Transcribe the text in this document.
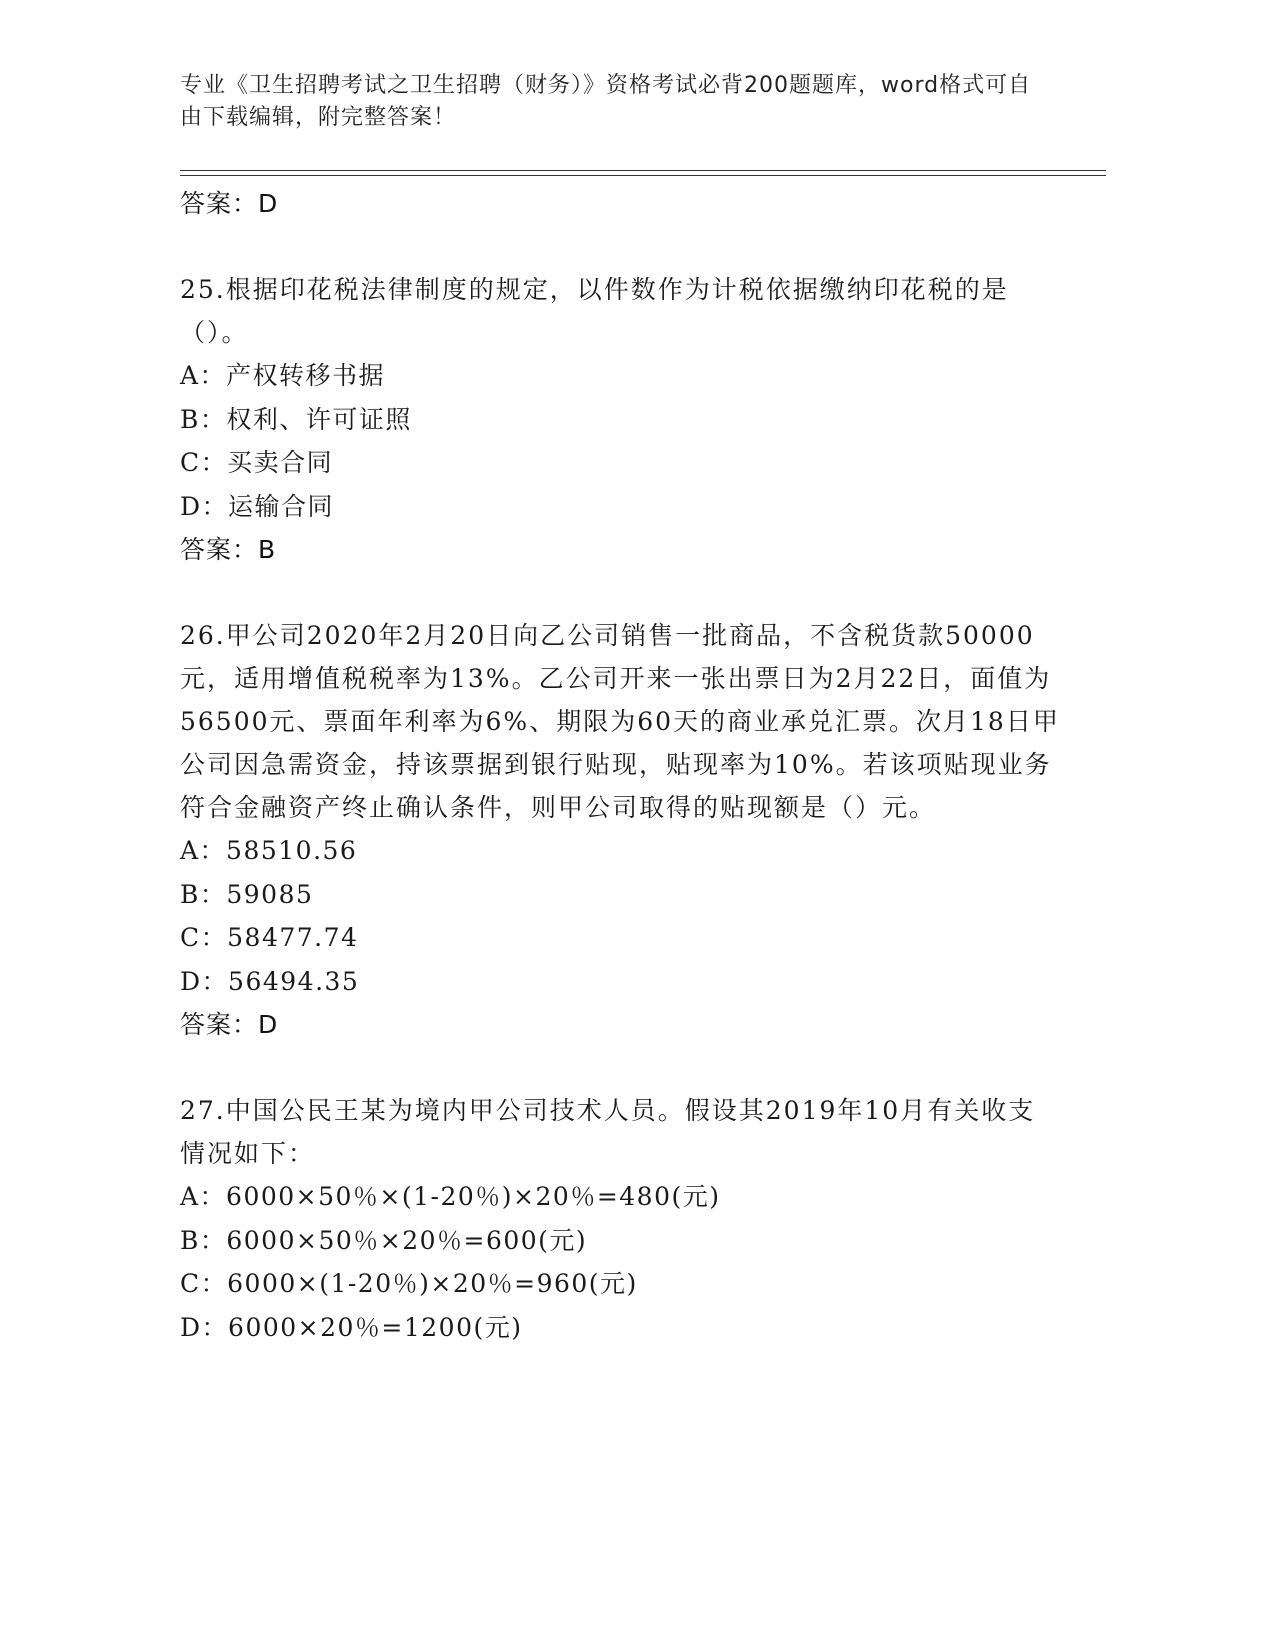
专业《卫生招聘考试之卫生招聘（财务）》资格考试必背200题题库，word格式可自由下载编辑，附完整答案！
答案：D
25.根据印花税法律制度的规定，以件数作为计税依据缴纳印花税的是（）。
A：产权转移书据
B：权利、许可证照
C：买卖合同
D：运输合同
答案：B
26.甲公司2020年2月20日向乙公司销售一批商品，不含税货款50000元，适用增值税税率为13%。乙公司开来一张出票日为2月22日，面值为56500元、票面年利率为6%、期限为60天的商业承兑汇票。次月18日甲公司因急需资金，持该票据到银行贴现，贴现率为10%。若该项贴现业务符合金融资产终止确认条件，则甲公司取得的贴现额是（）元。
A：58510.56
B：59085
C：58477.74
D：56494.35
答案：D
27.中国公民王某为境内甲公司技术人员。假设其2019年10月有关收支情况如下：
A：6000×50％×(1-20％)×20％=480(元)
B：6000×50％×20％=600(元)
C：6000×(1-20％)×20％=960(元)
D：6000×20％=1200(元)
